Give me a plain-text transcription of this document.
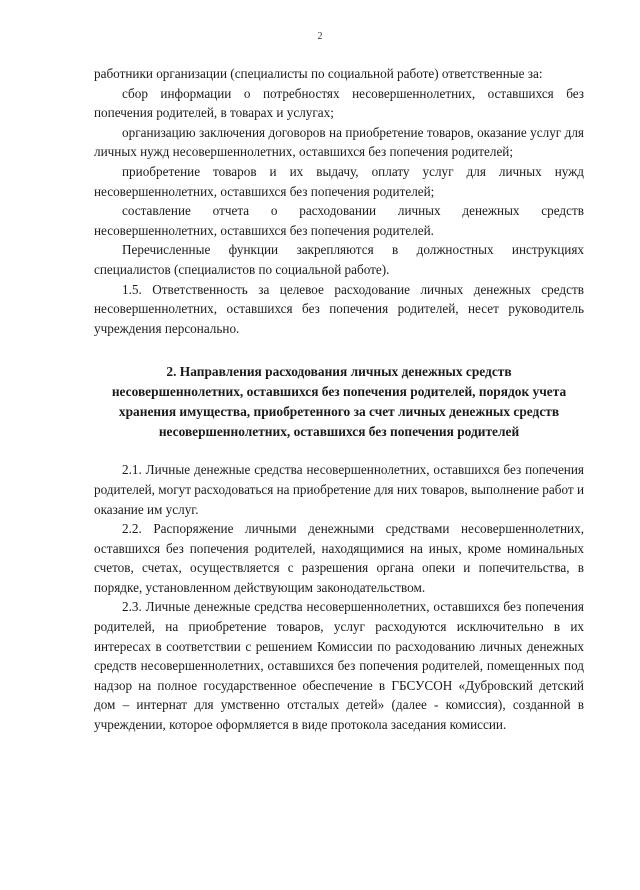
2

работники организации (специалисты по социальной работе) ответственные за:

сбор информации о потребностях несовершеннолетних, оставшихся без попечения родителей, в товарах и услугах;

организацию заключения договоров на приобретение товаров, оказание услуг для личных нужд несовершеннолетних, оставшихся без попечения родителей;

приобретение товаров и их выдачу, оплату услуг для личных нужд несовершеннолетних, оставшихся без попечения родителей;

составление отчета о расходовании личных денежных средств несовершеннолетних, оставшихся без попечения родителей.

Перечисленные функции закрепляются в должностных инструкциях специалистов (специалистов по социальной работе).

1.5. Ответственность за целевое расходование личных денежных средств несовершеннолетних, оставшихся без попечения родителей, несет руководитель учреждения персонально.

2. Направления расходования личных денежных средств несовершеннолетних, оставшихся без попечения родителей, порядок учета хранения имущества, приобретенного за счет личных денежных средств несовершеннолетних, оставшихся без попечения родителей

2.1. Личные денежные средства несовершеннолетних, оставшихся без попечения родителей, могут расходоваться на приобретение для них товаров, выполнение работ и оказание им услуг.

2.2. Распоряжение личными денежными средствами несовершеннолетних, оставшихся без попечения родителей, находящимися на иных, кроме номинальных счетов, счетах, осуществляется с разрешения органа опеки и попечительства, в порядке, установленном действующим законодательством.

2.3. Личные денежные средства несовершеннолетних, оставшихся без попечения родителей, на приобретение товаров, услуг расходуются исключительно в их интересах в соответствии с решением Комиссии по расходованию личных денежных средств несовершеннолетних, оставшихся без попечения родителей, помещенных под надзор на полное государственное обеспечение в ГБСУСОН «Дубровский детский дом – интернат для умственно отсталых детей» (далее - комиссия), созданной в учреждении, которое оформляется в виде протокола заседания комиссии.
